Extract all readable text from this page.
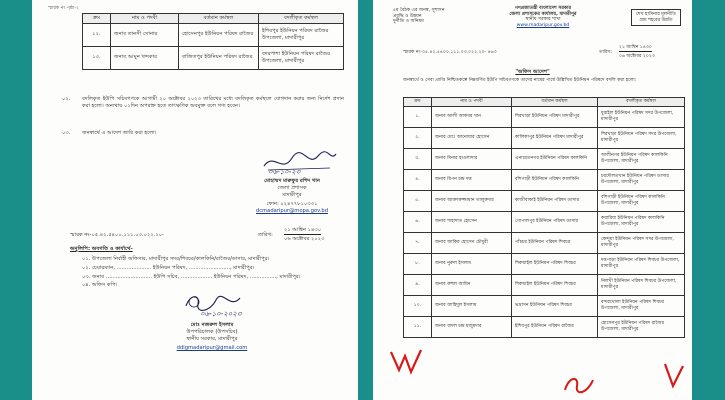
স্মারক নং পৃষ্ঠা-২
ক্রম	নাম ও পদবী	বর্তমান কর্মস্থল	বদলীকৃত কর্মস্থল
১২.	জনাব তানসী সোনার	হোসেনপুর ইউনিয়ন পরিষদ রাজৈর	ইশিবপুর ইউনিয়ন পরিষদ রাজৈর উপজেলা, মাদারীপুর
১৩.	জনাব আমুন খন্দকার	বাজিতপুর ইউনিয়ন পরিষদ রাজৈর	বদরপাশা ইউনিয়ন পরিষদ রাজৈর উপজেলা, মাদারীপুর
০২. বদলিকৃত ইউপি সচিবগণকে আগামী ২০ অক্টোবর ২০২৩ তারিখের মধ্যে বদলিকৃত কর্মস্থলে যোগদান করার জন্য নির্দেশ প্রদান করা হলো। অন্যথায় ০১দিন অপরাহ্ন হতে তাৎক্ষণিক অবমুক্ত বলে গণ্য হবেন।
০৩. জনস্বার্থে এ আদেশ জারি করা হলো।
০৬-১০-২৩
মোহাম্মদ মারুফুর রশিদ খান
জেলা প্রশাসক
মাদারীপুর
ফোন: ০২৪৭৭৮১০৩৩১
dcmadaripur@mopa.gov.bd
স্মারক নং-০৫.৪২.৫৪০০.১১১.০৩.০২২.২০-	তারিখ:
২১ আশ্বিন ১৪৩০
০৬ অক্টোবর ২০২৩
অনুলিপি: অবগতি ও কার্যার্থে-
০১. উপজেলা নির্বাহী অফিসার, মাদারীপুর সদর/শিবচর/কালকিনি/রাজৈর/ডাসার, মাদারীপুর।
০২. চেয়ারম্যান, ..................... ইউনিয়ন পরিষদ, ........................., মাদারীপুর।
০৩. জনাব ............................ ইউপি সচিব, ................... ইউনিয়ন পরিষদ, ................, মাদারীপুর।
০৪. অফিস কপি।
০৬-১০-২০২৩
মোঃ নজরুল ইসলাম
উপপরিচালক (উপসচিব)
স্থানীয় সরকার, মাদারীপুর
ddlgmadaripur@gmail.com
৫ম বৈঠক এর জনস্ব, সুশাসন
প্রবৃদ্ধি ও উন্নয়ন
দুর্নীতি ও অনিয়ম
গণপ্রজাতন্ত্রী বাংলাদেশ সরকার
জেলা প্রশাসকের কার্যালয়, মাদারীপুর
স্থানীয় সরকার শাখা
www.madaripur.gov.bd
শেখ হাসিনার মূলনীতি
গ্রাম শহরের উন্নতি
স্মারক নং-০৫.৪২.৫৪০০.১১১.০৩.০২২.২০- ৪৬৩	তারিখ:
২১ আশ্বিন ১৪৩০
০৬ অক্টোবর ২০২৩
"অফিস আদেশ"
জনস্বার্থে ও সেবা প্রাপ্তি নিশ্চিতকল্পে নিম্নবর্ণিত ইউপি সচিবগণকে তাদের নামের পার্শ্বে উল্লিখিত ইউনিয়ন পরিষদে বদলি করা হলো:
ক্রম	নাম ও পদবী	বর্তমান কর্মস্থল	বদলীকৃত কর্মস্থল
১.	জনাব আলী আকবর খান	শিরখাড়া ইউনিয়ন পরিষদ মাদারীপুর	ধুরাইল ইউনিয়ন পরিষদ সদর উপজেলা, মাদারীপুর
২.	জনাব মোঃ আনোয়ার হোসেন	কালিকাপুর ইউনিয়ন পরিষদ মাদারীপুর	শিরখাড়া ইউনিয়ন পরিষদ সদর উপজেলা, মাদারীপুর
৩.	জনাব মিনার হাওলাদার	এনায়েতনগর ইউনিয়ন পরিষদ কালকিনি	আলীনগর ইউনিয়ন পরিষদ কালকিনি উপজেলা, মাদারীপুর
৪.	জনাব রিপন চন্দ্র দত্ত	বাঁশগাড়ী ইউনিয়ন পরিষদ কালকিনি	চরদৌলতখান ইউনিয়ন পরিষদ ডাসার উপজেলা, মাদারীপুর
৫.	জনাব আক্তারুজ্জামান তালুকদার	কাজীবাকাই ইউনিয়ন পরিষদ ডাসার	বাঁশগাড়ী ইউনিয়ন পরিষদ কালকিনি উপজেলা, মাদারীপুর
৬.	জনাব শাহাদাত হোসেন	গোপালপুর ইউনিয়ন পরিষদ ডাসার	কয়ারিয়া ইউনিয়ন পরিষদ কালকিনি উপজেলা, মাদারীপুর
৭.	জনাব জাকির হোসেন চৌধুরী	পাঁচচর ইউনিয়ন পরিষদ শিবচর	কেন্দুয়া ইউনিয়ন পরিষদ সদর উপজেলা, মাদারীপুর
৮.	জনাব নুরুল ইসলাম	শিরুয়াইল ইউনিয়ন পরিষদ শিবচর	দত্তপাড়া ইউনিয়ন পরিষদ শিবচর উপজেলা, মাদারীপুর
৯.	জনাব রুহুল আমিন	শিরুয়াইল ইউনিয়ন পরিষদ শিবচর	নিলখী ইউনিয়ন পরিষদ শিবচর উপজেলা, মাদারীপুর
১০.	জনাব জাহিদুল ইসলাম	ভদ্রাসন ইউনিয়ন পরিষদ শিবচর	বন্দরখোলা ইউনিয়ন পরিষদ শিবচর উপজেলা, মাদারীপুর
১১.	জনাব বাদল চন্দ্র মজুমদার	ইশিবপুর ইউনিয়ন পরিষদ রাজৈর	হোসেনপুর ইউনিয়ন পরিষদ রাজৈর উপজেলা, মাদারীপুর
